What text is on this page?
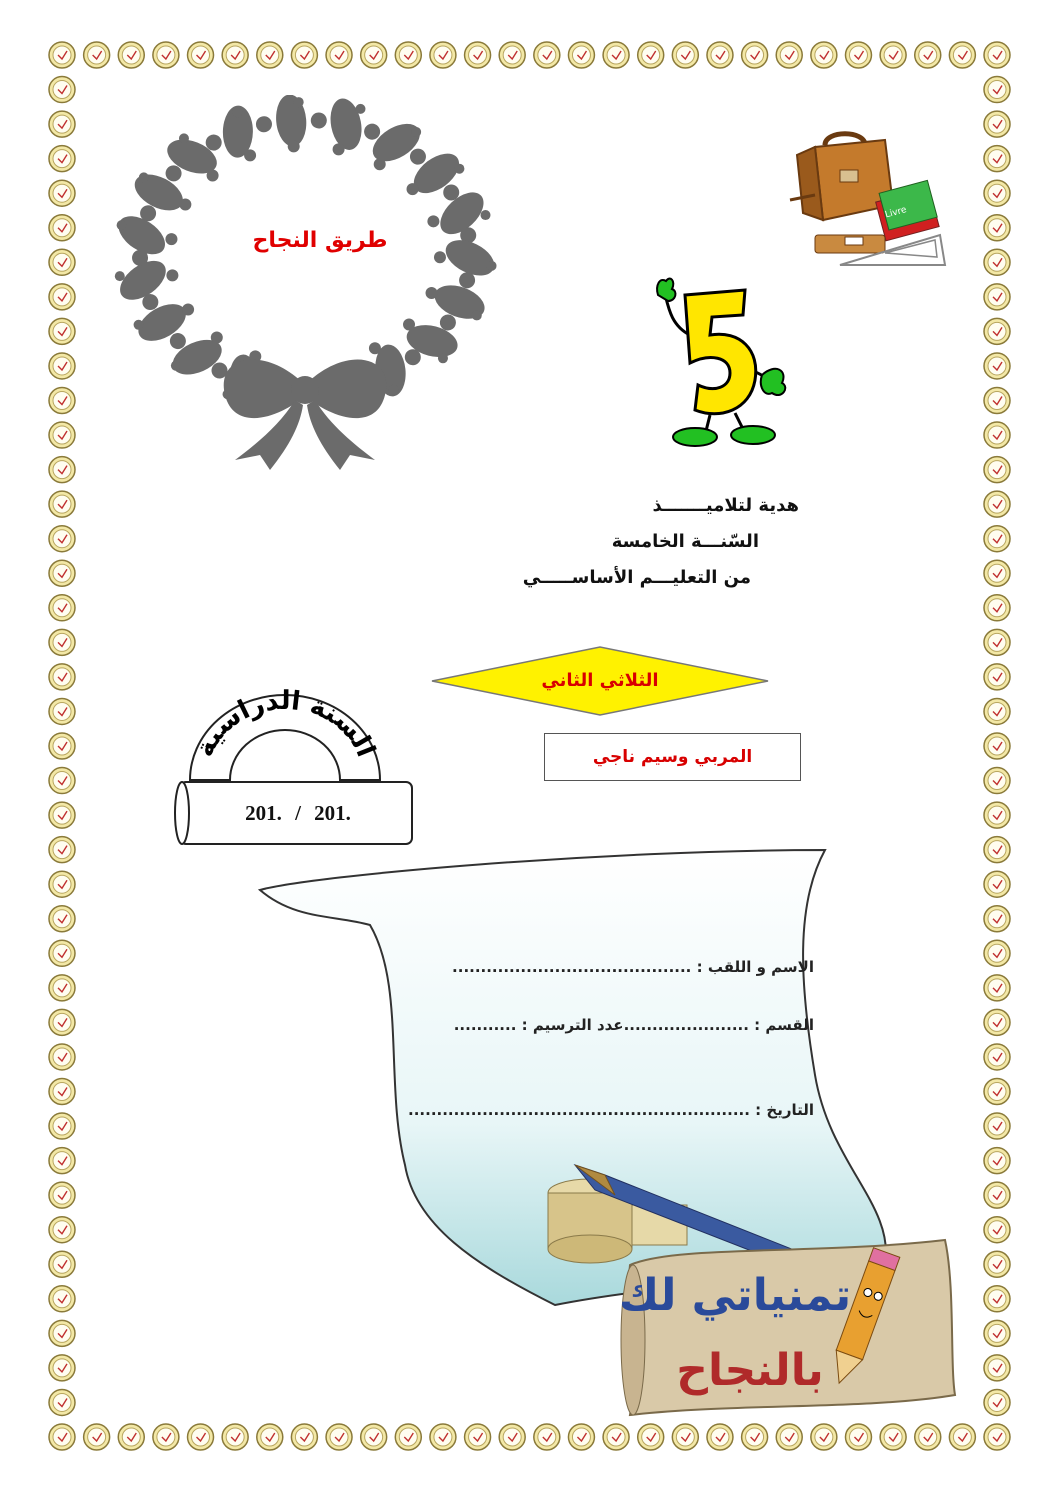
طريق النجاح
Livre
5
هدية لتلاميـــــــذ
السّنـــة الخامسة
من التعليـــم الأساســـــي
الثلاثي الثاني
المربي وسيم ناجي
السنة الدراسية
201. / 201.
الاسم و اللقب : ..........................................
القسم : ......................عدد الترسيم : ...........
التاريخ : ............................................................
تمنياتي لك
بالنجاح
